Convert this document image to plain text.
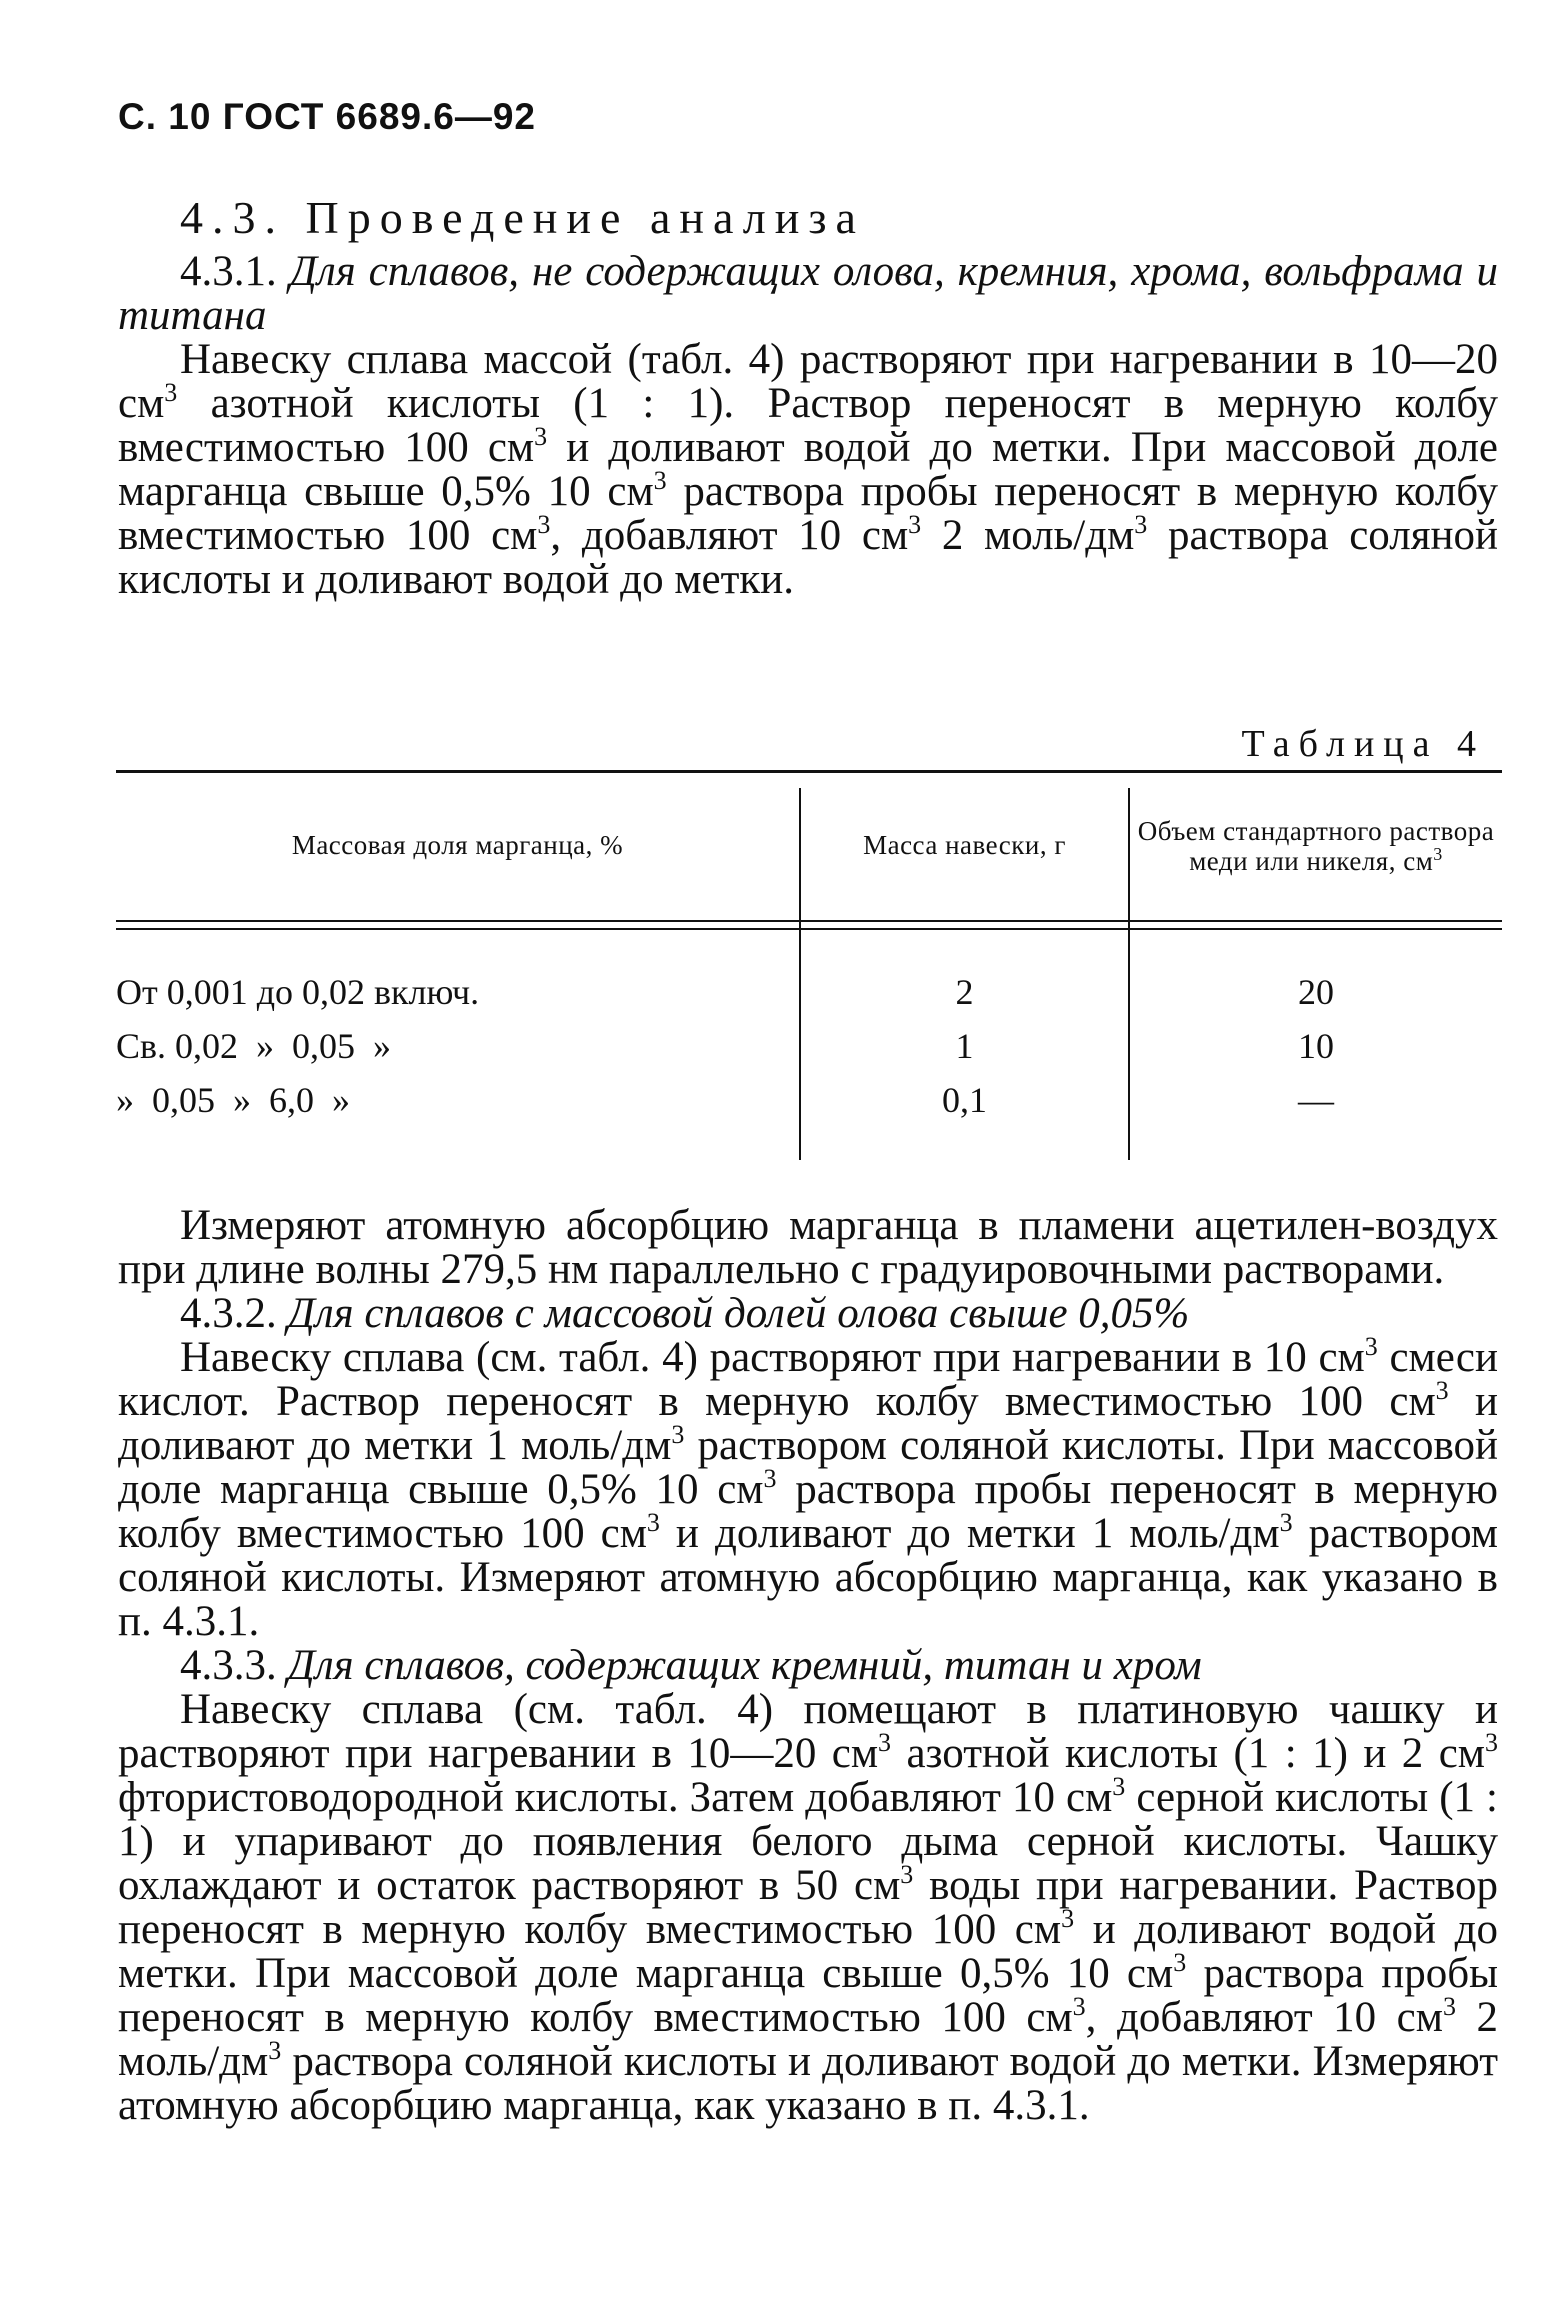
С. 10 ГОСТ 6689.6—92

4.3. Проведение анализа

4.3.1. Для сплавов, не содержащих олова, кремния, хрома, вольфрама и титана

Навеску сплава массой (табл. 4) растворяют при нагревании в 10—20 $см^3$ азотной кислоты (1 : 1). Раствор переносят в мерную колбу вместимостью 100 $см^3$ и доливают водой до метки. При массовой доле марганца свыше 0,5% 10 $см^3$ раствора пробы переносят в мерную колбу вместимостью 100 $см^3$, добавляют 10 $см^3$ 2 моль/$дм^3$ раствора соляной кислоты и доливают водой до метки.

Таблица 4
Массовая доля марганца, %	Масса навески, г	Объем стандартного раствора меди или никеля, $см^3$
От 0,001 до 0,02 включ.	2	20
Св. 0,02  »  0,05  »	1	10
»  0,05  »  6,0  »	0,1	—

Измеряют атомную абсорбцию марганца в пламени ацетилен-воздух при длине волны 279,5 нм параллельно с градуировочными растворами.

4.3.2. Для сплавов с массовой долей олова свыше 0,05%

Навеску сплава (см. табл. 4) растворяют при нагревании в 10 $см^3$ смеси кислот. Раствор переносят в мерную колбу вместимостью 100 $см^3$ и доливают до метки 1 моль/$дм^3$ раствором соляной кислоты. При массовой доле марганца свыше 0,5% 10 $см^3$ раствора пробы переносят в мерную колбу вместимостью 100 $см^3$ и доливают до метки 1 моль/$дм^3$ раствором соляной кислоты. Измеряют атомную абсорбцию марганца, как указано в п. 4.3.1.

4.3.3. Для сплавов, содержащих кремний, титан и хром

Навеску сплава (см. табл. 4) помещают в платиновую чашку и растворяют при нагревании в 10—20 $см^3$ азотной кислоты (1 : 1) и 2 $см^3$ фтористоводородной кислоты. Затем добавляют 10 $см^3$ серной кислоты (1 : 1) и упаривают до появления белого дыма серной кислоты. Чашку охлаждают и остаток растворяют в 50 $см^3$ воды при нагревании. Раствор переносят в мерную колбу вместимостью 100 $см^3$ и доливают водой до метки. При массовой доле марганца свыше 0,5% 10 $см^3$ раствора пробы переносят в мерную колбу вместимостью 100 $см^3$, добавляют 10 $см^3$ 2 моль/$дм^3$ раствора соляной кислоты и доливают водой до метки. Измеряют атомную абсорбцию марганца, как указано в п. 4.3.1.
